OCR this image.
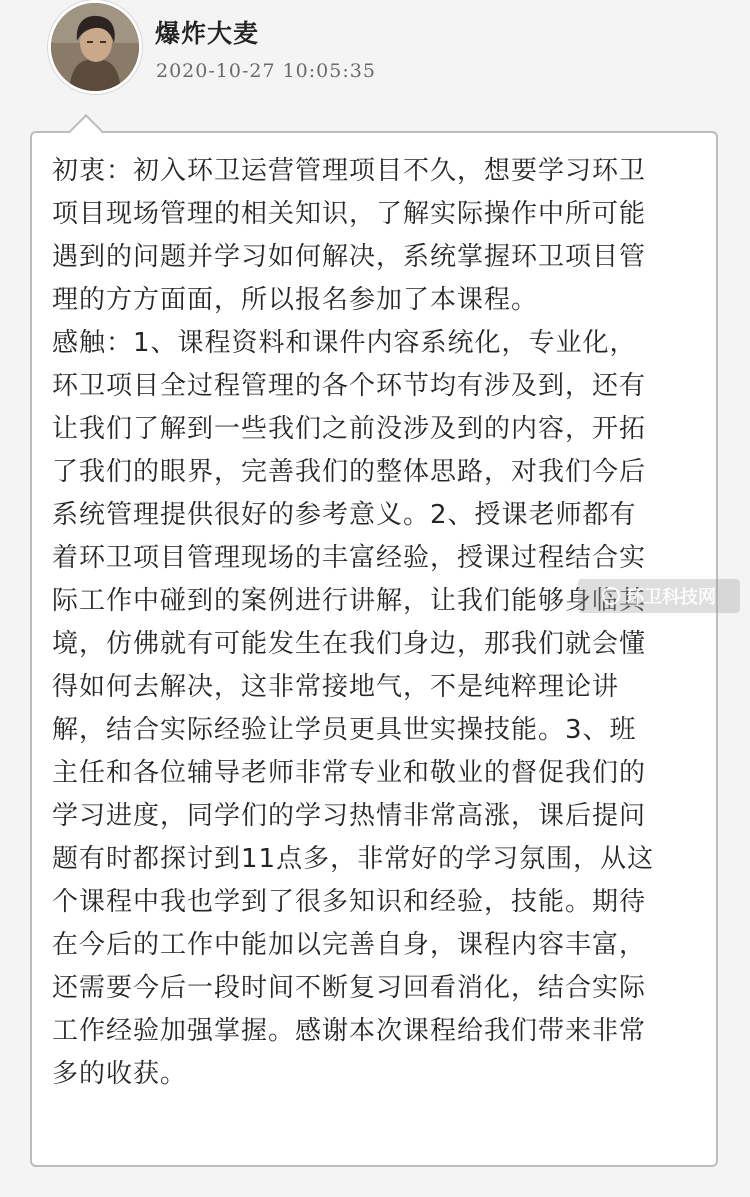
爆炸大麦
2020-10-27 10:05:35
初衷：初入环卫运营管理项目不久，想要学习环卫
项目现场管理的相关知识，了解实际操作中所可能
遇到的问题并学习如何解决，系统掌握环卫项目管
理的方方面面，所以报名参加了本课程。
感触：1、课程资料和课件内容系统化，专业化，
环卫项目全过程管理的各个环节均有涉及到，还有
让我们了解到一些我们之前没涉及到的内容，开拓
了我们的眼界，完善我们的整体思路，对我们今后
系统管理提供很好的参考意义。2、授课老师都有
着环卫项目管理现场的丰富经验，授课过程结合实
际工作中碰到的案例进行讲解，让我们能够身临其
境，仿佛就有可能发生在我们身边，那我们就会懂
得如何去解决，这非常接地气，不是纯粹理论讲
解，结合实际经验让学员更具世实操技能。3、班
主任和各位辅导老师非常专业和敬业的督促我们的
学习进度，同学们的学习热情非常高涨，课后提问
题有时都探讨到11点多，非常好的学习氛围，从这
个课程中我也学到了很多知识和经验，技能。期待
在今后的工作中能加以完善自身，课程内容丰富，
还需要今后一段时间不断复习回看消化，结合实际
工作经验加强掌握。感谢本次课程给我们带来非常
多的收获。
环卫科技网
